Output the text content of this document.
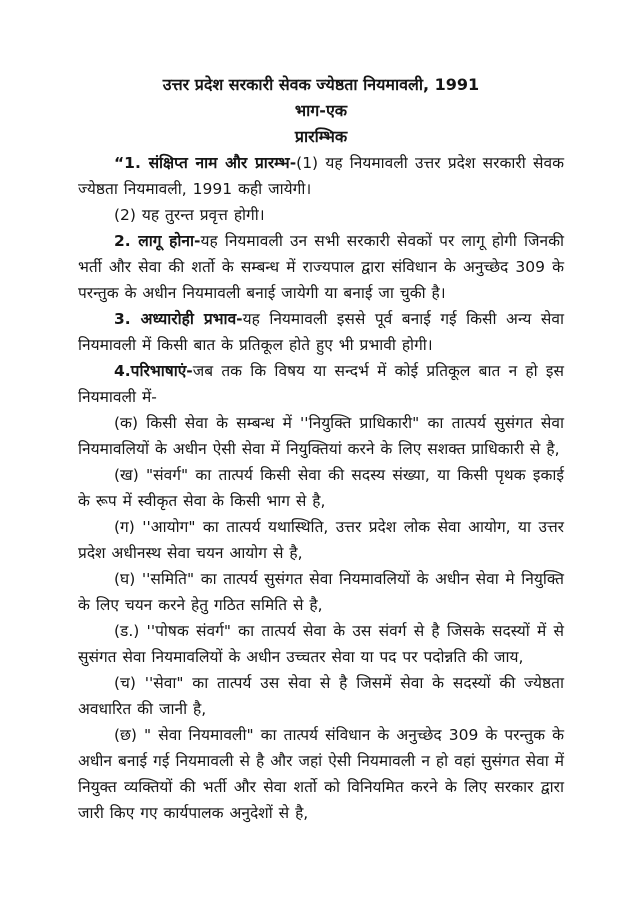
उत्तर प्रदेश सरकारी सेवक ज्येष्ठता नियमावली, 1991
भाग-एक
प्रारम्भिक

“1. संक्षिप्त नाम और प्रारम्भ-(1) यह नियमावली उत्तर प्रदेश सरकारी सेवक ज्येष्ठता नियमावली, 1991 कही जायेगी।

(2) यह तुरन्त प्रवृत्त होगी।

2. लागू होना-यह नियमावली उन सभी सरकारी सेवकों पर लागू होगी जिनकी भर्ती और सेवा की शर्तो के सम्बन्ध में राज्यपाल द्वारा संविधान के अनुच्छेद 309 के परन्तुक के अधीन नियमावली बनाई जायेगी या बनाई जा चुकी है।

3. अध्यारोही प्रभाव-यह नियमावली इससे पूर्व बनाई गई किसी अन्य सेवा नियमावली में किसी बात के प्रतिकूल होते हुए भी प्रभावी होगी।

4.परिभाषाएं-जब तक कि विषय या सन्दर्भ में कोई प्रतिकूल बात न हो इस नियमावली में-

(क) किसी सेवा के सम्बन्ध में ''नियुक्ति प्राधिकारी" का तात्पर्य सुसंगत सेवा नियमावलियों के अधीन ऐसी सेवा में नियुक्तियां करने के लिए सशक्त प्राधिकारी से है,

(ख) "संवर्ग" का तात्पर्य किसी सेवा की सदस्य संख्या, या किसी पृथक इकाई के रूप में स्वीकृत सेवा के किसी भाग से है,

(ग) ''आयोग" का तात्पर्य यथास्थिति, उत्तर प्रदेश लोक सेवा आयोग, या उत्तर प्रदेश अधीनस्थ सेवा चयन आयोग से है,

(घ) ''समिति" का तात्पर्य सुसंगत सेवा नियमावलियों के अधीन सेवा मे नियुक्ति के लिए चयन करने हेतु गठित समिति से है,

(ड.) ''पोषक संवर्ग" का तात्पर्य सेवा के उस संवर्ग से है जिसके सदस्यों में से सुसंगत सेवा नियमावलियों के अधीन उच्चतर सेवा या पद पर पदोन्नति की जाय,

(च) ''सेवा" का तात्पर्य उस सेवा से है जिसमें सेवा के सदस्यों की ज्येष्ठता अवधारित की जानी है,

(छ) " सेवा नियमावली" का तात्पर्य संविधान के अनुच्छेद 309 के परन्तुक के अधीन बनाई गई नियमावली से है और जहां ऐसी नियमावली न हो वहां सुसंगत सेवा में नियुक्त व्यक्तियों की भर्ती और सेवा शर्तो को विनियमित करने के लिए सरकार द्वारा जारी किए गए कार्यपालक अनुदेशों से है,
